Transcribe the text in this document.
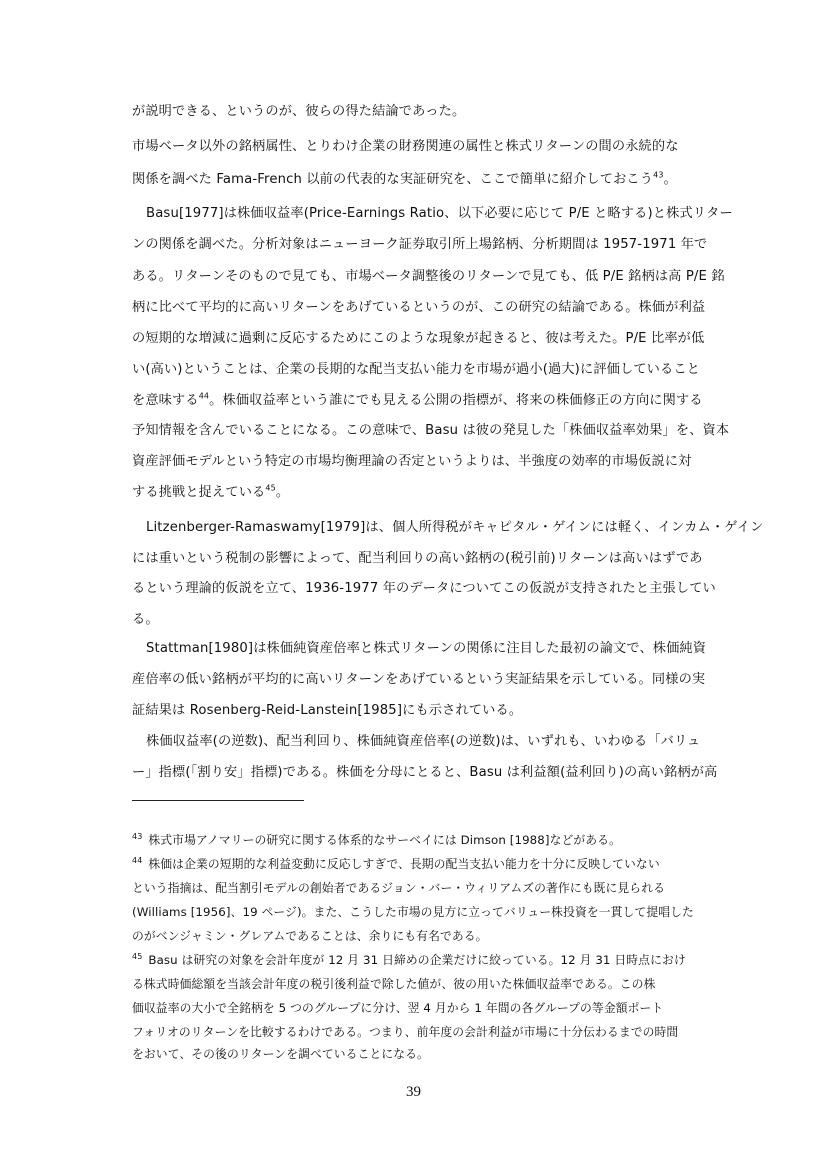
が説明できる、というのが、彼らの得た結論であった。
市場ベータ以外の銘柄属性、とりわけ企業の財務関連の属性と株式リターンの間の永続的な
関係を調べた Fama-French 以前の代表的な実証研究を、ここで簡単に紹介しておこう$^{43}$。
Basu[1977]は株価収益率(Price-Earnings Ratio、以下必要に応じて P/E と略する)と株式リター
ンの関係を調べた。分析対象はニューヨーク証券取引所上場銘柄、分析期間は 1957-1971 年で
ある。リターンそのもので見ても、市場ベータ調整後のリターンで見ても、低 P/E 銘柄は高 P/E 銘
柄に比べて平均的に高いリターンをあげているというのが、この研究の結論である。株価が利益
の短期的な増減に過剰に反応するためにこのような現象が起きると、彼は考えた。P/E 比率が低
い(高い)ということは、企業の長期的な配当支払い能力を市場が過小(過大)に評価していること
を意味する$^{44}$。株価収益率という誰にでも見える公開の指標が、将来の株価修正の方向に関する
予知情報を含んでいることになる。この意味で、Basu は彼の発見した「株価収益率効果」を、資本
資産評価モデルという特定の市場均衡理論の否定というよりは、半強度の効率的市場仮説に対
する挑戦と捉えている$^{45}$。
Litzenberger-Ramaswamy[1979]は、個人所得税がキャピタル・ゲインには軽く、インカム・ゲイン
には重いという税制の影響によって、配当利回りの高い銘柄の(税引前)リターンは高いはずであ
るという理論的仮説を立て、1936-1977 年のデータについてこの仮説が支持されたと主張してい
る。
Stattman[1980]は株価純資産倍率と株式リターンの関係に注目した最初の論文で、株価純資
産倍率の低い銘柄が平均的に高いリターンをあげているという実証結果を示している。同様の実
証結果は Rosenberg-Reid-Lanstein[1985]にも示されている。
株価収益率(の逆数)、配当利回り、株価純資産倍率(の逆数)は、いずれも、いわゆる「バリュ
ー」指標(「割り安」指標)である。株価を分母にとると、Basu は利益額(益利回り)の高い銘柄が高
$^{43}$ 株式市場アノマリーの研究に関する体系的なサーベイには Dimson [1988]などがある。
$^{44}$ 株価は企業の短期的な利益変動に反応しすぎで、長期の配当支払い能力を十分に反映していない
という指摘は、配当割引モデルの創始者であるジョン・バー・ウィリアムズの著作にも既に見られる
(Williams [1956]、19 ページ)。また、こうした市場の見方に立ってバリュー株投資を一貫して提唱した
のがベンジャミン・グレアムであることは、余りにも有名である。
$^{45}$ Basu は研究の対象を会計年度が 12 月 31 日締めの企業だけに絞っている。12 月 31 日時点におけ
る株式時価総額を当該会計年度の税引後利益で除した値が、彼の用いた株価収益率である。この株
価収益率の大小で全銘柄を 5 つのグループに分け、翌 4 月から 1 年間の各グループの等金額ポート
フォリオのリターンを比較するわけである。つまり、前年度の会計利益が市場に十分伝わるまでの時間
をおいて、その後のリターンを調べていることになる。
39
